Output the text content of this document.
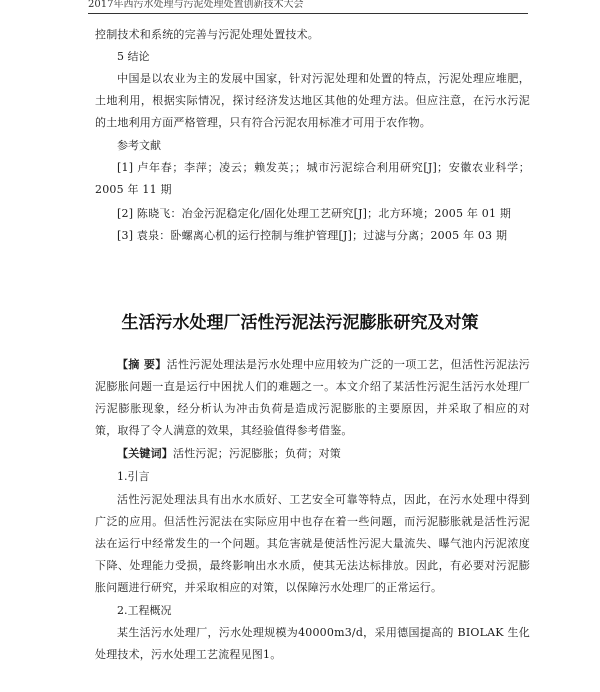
2017年西污水处理与污泥处理处置创新技术大会
控制技术和系统的完善与污泥处理处置技术。
5 结论
中国是以农业为主的发展中国家，针对污泥处理和处置的特点，污泥处理应堆肥，土地利用，根据实际情况，探讨经济发达地区其他的处理方法。但应注意，在污水污泥的土地利用方面严格管理，只有符合污泥农用标准才可用于农作物。
参考文献
[1] 卢年春；李萍；凌云；赖发英；；城市污泥综合利用研究[J]；安徽农业科学；2005 年 11 期
[2] 陈晓飞：冶金污泥稳定化/固化处理工艺研究[J]；北方环境；2005 年 01 期
[3] 袁泉：卧螺离心机的运行控制与维护管理[J]；过滤与分离；2005 年 03 期
生活污水处理厂活性污泥法污泥膨胀研究及对策
【摘 要】活性污泥处理法是污水处理中应用较为广泛的一项工艺，但活性污泥法污泥膨胀问题一直是运行中困扰人们的难题之一。本文介绍了某活性污泥生活污水处理厂污泥膨胀现象，经分析认为冲击负荷是造成污泥膨胀的主要原因，并采取了相应的对策，取得了令人满意的效果，其经验值得参考借鉴。
【关键词】活性污泥；污泥膨胀；负荷；对策
1.引言
活性污泥处理法具有出水水质好、工艺安全可靠等特点，因此，在污水处理中得到广泛的应用。但活性污泥法在实际应用中也存在着一些问题，而污泥膨胀就是活性污泥法在运行中经常发生的一个问题。其危害就是使活性污泥大量流失、曝气池内污泥浓度下降、处理能力受损，最终影响出水水质，使其无法达标排放。因此，有必要对污泥膨胀问题进行研究，并采取相应的对策，以保障污水处理厂的正常运行。
2.工程概况
某生活污水处理厂，污水处理规模为40000m3/d，采用德国提高的 BIOLAK 生化处理技术，污水处理工艺流程见图1。
